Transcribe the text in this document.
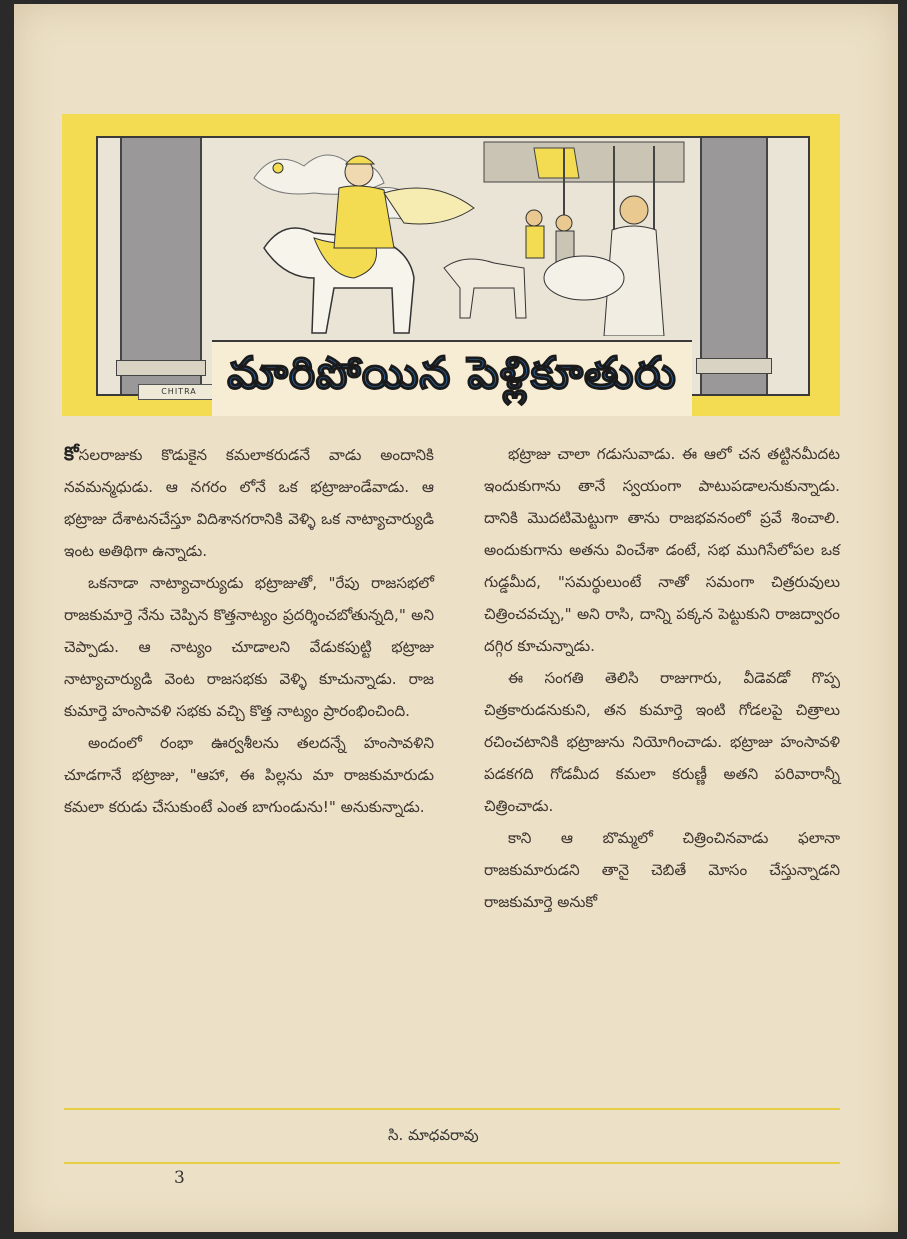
CHITRA మారిపోయిన పెళ్లికూతురు

కోసలరాజుకు కొడుకైన కమలాకరుడనే వాడు అందానికి నవమన్మధుడు. ఆ నగరం లోనే ఒక భట్రాజుండేవాడు. ఆ భట్రాజు దేశాటనచేస్తూ విదిశానగరానికి వెళ్ళి ఒక నాట్యాచార్యుడి ఇంట అతిథిగా ఉన్నాడు.

ఒకనాడా నాట్యాచార్యుడు భట్రాజుతో, "రేపు రాజసభలో రాజకుమార్తె నేను చెప్పిన కొత్తనాట్యం ప్రదర్శించబోతున్నది," అని చెప్పాడు. ఆ నాట్యం చూడాలని వేడుకపుట్టి భట్రాజు నాట్యాచార్యుడి వెంట రాజసభకు వెళ్ళి కూచున్నాడు. రాజ కుమార్తె హంసావళి సభకు వచ్చి కొత్త నాట్యం ప్రారంభించింది.

అందంలో రంభా ఊర్వశీలను తలదన్నే హంసావళిని చూడగానే భట్రాజు, "ఆహా, ఈ పిల్లను మా రాజకుమారుడు కమలా కరుడు చేసుకుంటే ఎంత బాగుండును!" అనుకున్నాడు.

భట్రాజు చాలా గడుసువాడు. ఈ ఆలో చన తట్టినమీదట ఇందుకుగాను తానే స్వయంగా పాటుపడాలనుకున్నాడు. దానికి మొదటిమెట్టుగా తాను రాజభవనంలో ప్రవే శించాలి. అందుకుగాను అతను వించేశా డంటే, సభ ముగిసేలోపల ఒక గుడ్డమీద, "సమర్థులుంటే నాతో సమంగా చిత్రరువులు చిత్రించవచ్చు," అని రాసి, దాన్ని పక్కన పెట్టుకుని రాజద్వారం దగ్గిర కూచున్నాడు.

ఈ సంగతి తెలిసి రాజుగారు, వీడెవడో గొప్ప చిత్రకారుడనుకుని, తన కుమార్తె ఇంటి గోడలపై చిత్రాలు రచించటానికి భట్రాజును నియోగించాడు. భట్రాజు హంసావళి పడకగది గోడమీద కమలా కరుణ్ణీ అతని పరివారాన్నీ చిత్రించాడు.

కాని ఆ బొమ్మలో చిత్రించినవాడు ఫలానా రాజకుమారుడని తానై చెబితే మోసం చేస్తున్నాడని రాజకుమార్తె అనుకో

సి. మాధవరావు
3
